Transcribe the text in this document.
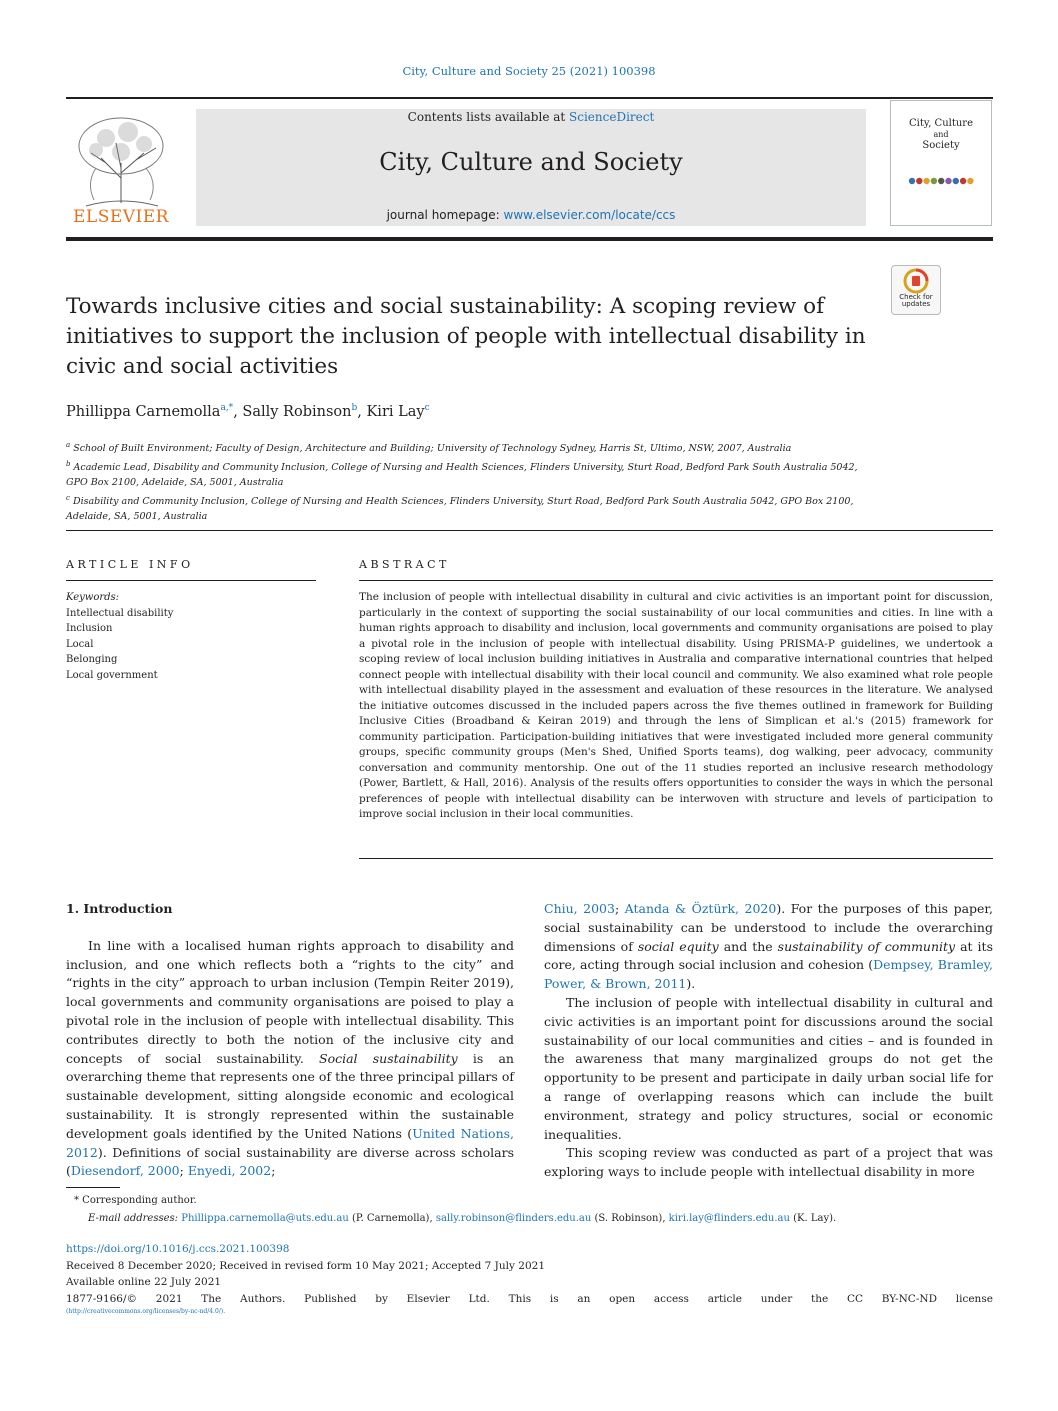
City, Culture and Society 25 (2021) 100398
ELSEVIER
Contents lists available at ScienceDirect
City, Culture and Society
journal homepage: www.elsevier.com/locate/ccs
City, Culture
and
Society
Check for
updates
Towards inclusive cities and social sustainability: A scoping review of initiatives to support the inclusion of people with intellectual disability in civic and social activities
Phillippa Carnemolla$^{a,*}$, Sally Robinson$^b$, Kiri Lay$^c$
$^a$ School of Built Environment; Faculty of Design, Architecture and Building; University of Technology Sydney, Harris St, Ultimo, NSW, 2007, Australia
$^b$ Academic Lead, Disability and Community Inclusion, College of Nursing and Health Sciences, Flinders University, Sturt Road, Bedford Park South Australia 5042, GPO Box 2100, Adelaide, SA, 5001, Australia
$^c$ Disability and Community Inclusion, College of Nursing and Health Sciences, Flinders University, Sturt Road, Bedford Park South Australia 5042, GPO Box 2100, Adelaide, SA, 5001, Australia
ARTICLE INFO	ABSTRACT
Keywords:
Intellectual disability
Inclusion
Local
Belonging
Local government
The inclusion of people with intellectual disability in cultural and civic activities is an important point for discussion, particularly in the context of supporting the social sustainability of our local communities and cities. In line with a human rights approach to disability and inclusion, local governments and community organisations are poised to play a pivotal role in the inclusion of people with intellectual disability. Using PRISMA-P guidelines, we undertook a scoping review of local inclusion building initiatives in Australia and comparative international countries that helped connect people with intellectual disability with their local council and community. We also examined what role people with intellectual disability played in the assessment and evaluation of these resources in the literature. We analysed the initiative outcomes discussed in the included papers across the five themes outlined in framework for Building Inclusive Cities (Broadband & Keiran 2019) and through the lens of Simplican et al.'s (2015) framework for community participation. Participation-building initiatives that were investigated included more general community groups, specific community groups (Men's Shed, Unified Sports teams), dog walking, peer advocacy, community conversation and community mentorship. One out of the 11 studies reported an inclusive research methodology (Power, Bartlett, & Hall, 2016). Analysis of the results offers opportunities to consider the ways in which the personal preferences of people with intellectual disability can be interwoven with structure and levels of participation to improve social inclusion in their local communities.
1. Introduction

In line with a localised human rights approach to disability and inclusion, and one which reflects both a “rights to the city” and “rights in the city” approach to urban inclusion (Tempin Reiter 2019), local governments and community organisations are poised to play a pivotal role in the inclusion of people with intellectual disability. This contributes directly to both the notion of the inclusive city and concepts of social sustainability. Social sustainability is an overarching theme that represents one of the three principal pillars of sustainable development, sitting alongside economic and ecological sustainability. It is strongly represented within the sustainable development goals identified by the United Nations (United Nations, 2012). Definitions of social sustainability are diverse across scholars (Diesendorf, 2000; Enyedi, 2002;

Chiu, 2003; Atanda & Öztürk, 2020). For the purposes of this paper, social sustainability can be understood to include the overarching dimensions of social equity and the sustainability of community at its core, acting through social inclusion and cohesion (Dempsey, Bramley, Power, & Brown, 2011).

The inclusion of people with intellectual disability in cultural and civic activities is an important point for discussions around the social sustainability of our local communities and cities – and is founded in the awareness that many marginalized groups do not get the opportunity to be present and participate in daily urban social life for a range of overlapping reasons which can include the built environment, strategy and policy structures, social or economic inequalities.

This scoping review was conducted as part of a project that was exploring ways to include people with intellectual disability in more

* Corresponding author.
E-mail addresses: Phillippa.carnemolla@uts.edu.au (P. Carnemolla), sally.robinson@flinders.edu.au (S. Robinson), kiri.lay@flinders.edu.au (K. Lay).
https://doi.org/10.1016/j.ccs.2021.100398
Received 8 December 2020; Received in revised form 10 May 2021; Accepted 7 July 2021
Available online 22 July 2021
1877-9166/© 2021 The Authors. Published by Elsevier Ltd. This is an open access article under the CC BY-NC-ND license
(http://creativecommons.org/licenses/by-nc-nd/4.0/).
